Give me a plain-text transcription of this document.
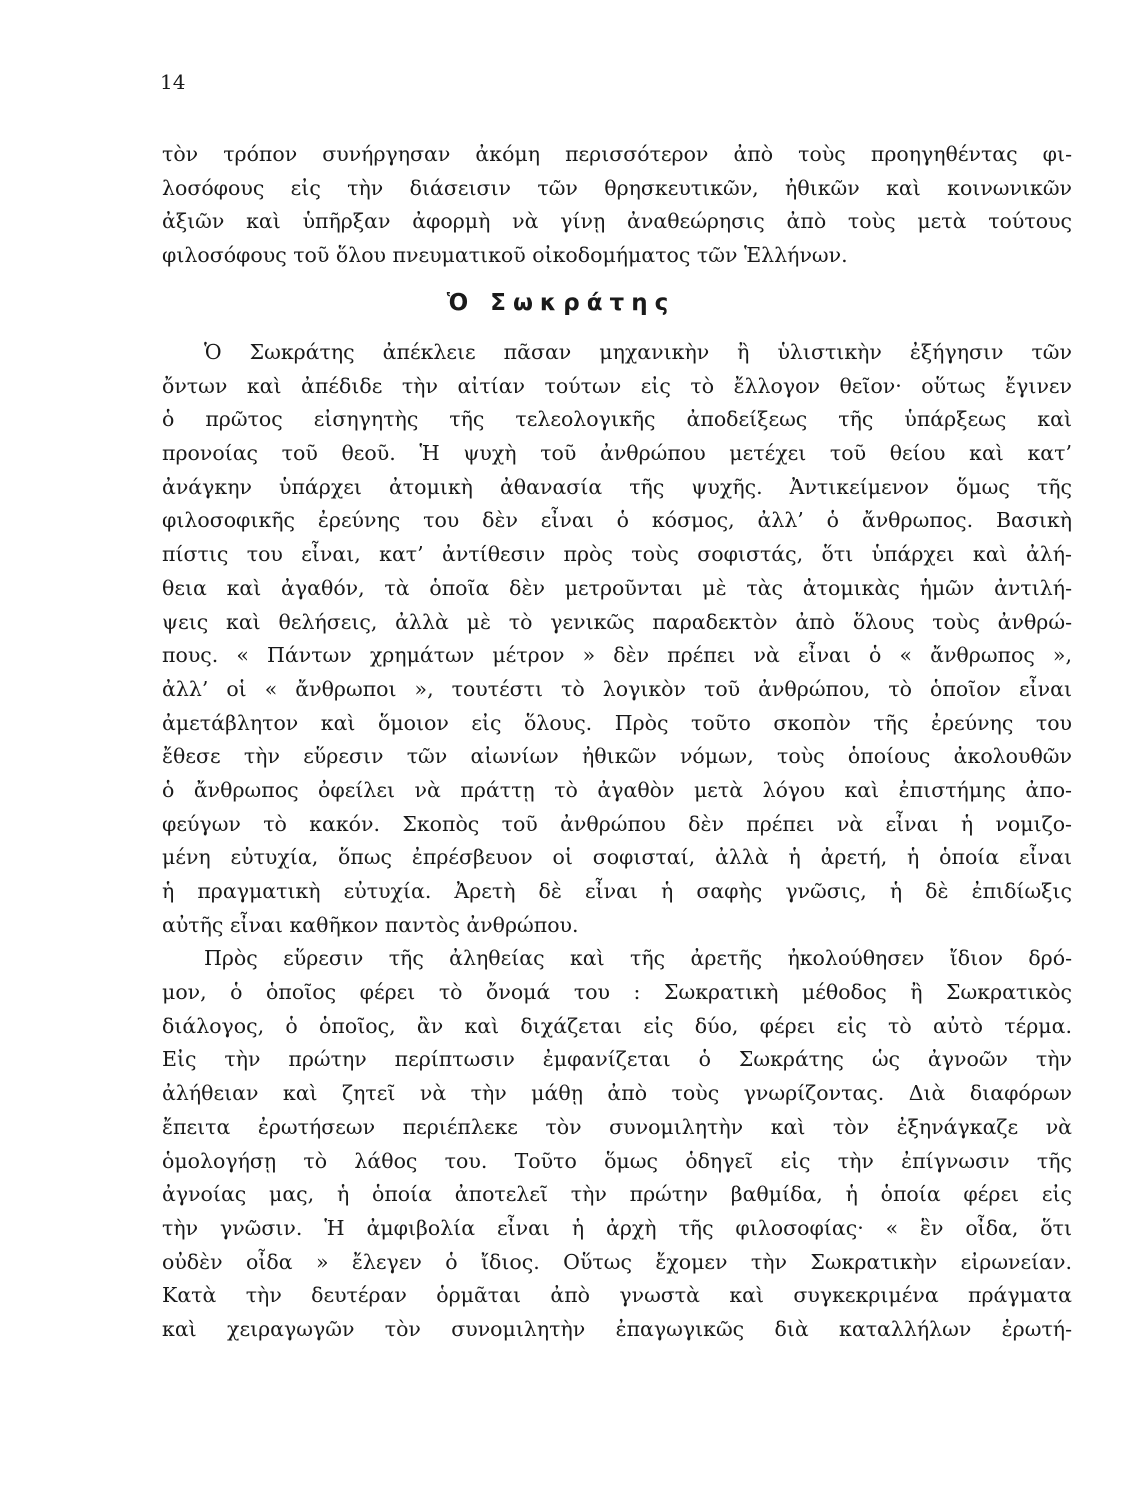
14
τὸν τρόπον συνήργησαν ἀκόμη περισσότερον ἀπὸ τοὺς προηγηθέντας φι-
λοσόφους εἰς τὴν διάσεισιν τῶν θρησκευτικῶν, ἠθικῶν καὶ κοινωνικῶν
ἀξιῶν καὶ ὑπῆρξαν ἀφορμὴ νὰ γίνῃ ἀναθεώρησις ἀπὸ τοὺς μετὰ τούτους
φιλοσόφους τοῦ ὅλου πνευματικοῦ οἰκοδομήματος τῶν Ἑλλήνων.
Ὁ Σωκράτης
Ὁ Σωκράτης ἀπέκλειε πᾶσαν μηχανικὴν ἢ ὑλιστικὴν ἐξήγησιν τῶν
ὄντων καὶ ἀπέδιδε τὴν αἰτίαν τούτων εἰς τὸ ἔλλογον θεῖον· οὕτως ἔγινεν
ὁ πρῶτος εἰσηγητὴς τῆς τελεολογικῆς ἀποδείξεως τῆς ὑπάρξεως καὶ
προνοίας τοῦ θεοῦ. Ἡ ψυχὴ τοῦ ἀνθρώπου μετέχει τοῦ θείου καὶ κατ’
ἀνάγκην ὑπάρχει ἀτομικὴ ἀθανασία τῆς ψυχῆς. Ἀντικείμενον ὅμως τῆς
φιλοσοφικῆς ἐρεύνης του δὲν εἶναι ὁ κόσμος, ἀλλ’ ὁ ἄνθρωπος. Βασικὴ
πίστις του εἶναι, κατ’ ἀντίθεσιν πρὸς τοὺς σοφιστάς, ὅτι ὑπάρχει καὶ ἀλή-
θεια καὶ ἀγαθόν, τὰ ὁποῖα δὲν μετροῦνται μὲ τὰς ἀτομικὰς ἡμῶν ἀντιλή-
ψεις καὶ θελήσεις, ἀλλὰ μὲ τὸ γενικῶς παραδεκτὸν ἀπὸ ὅλους τοὺς ἀνθρώ-
πους. « Πάντων χρημάτων μέτρον » δὲν πρέπει νὰ εἶναι ὁ « ἄνθρωπος »,
ἀλλ’ οἱ « ἄνθρωποι », τουτέστι τὸ λογικὸν τοῦ ἀνθρώπου, τὸ ὁποῖον εἶναι
ἀμετάβλητον καὶ ὅμοιον εἰς ὅλους. Πρὸς τοῦτο σκοπὸν τῆς ἐρεύνης του
ἔθεσε τὴν εὕρεσιν τῶν αἰωνίων ἠθικῶν νόμων, τοὺς ὁποίους ἀκολουθῶν
ὁ ἄνθρωπος ὀφείλει νὰ πράττῃ τὸ ἀγαθὸν μετὰ λόγου καὶ ἐπιστήμης ἀπο-
φεύγων τὸ κακόν. Σκοπὸς τοῦ ἀνθρώπου δὲν πρέπει νὰ εἶναι ἡ νομιζο-
μένη εὐτυχία, ὅπως ἐπρέσβευον οἱ σοφισταί, ἀλλὰ ἡ ἀρετή, ἡ ὁποία εἶναι
ἡ πραγματικὴ εὐτυχία. Ἀρετὴ δὲ εἶναι ἡ σαφὴς γνῶσις, ἡ δὲ ἐπιδίωξις
αὐτῆς εἶναι καθῆκον παντὸς ἀνθρώπου.
Πρὸς εὕρεσιν τῆς ἀληθείας καὶ τῆς ἀρετῆς ἠκολούθησεν ἴδιον δρό-
μον, ὁ ὁποῖος φέρει τὸ ὄνομά του : Σωκρατικὴ μέθοδος ἢ Σωκρατικὸς
διάλογος, ὁ ὁποῖος, ἂν καὶ διχάζεται εἰς δύο, φέρει εἰς τὸ αὐτὸ τέρμα.
Εἰς τὴν πρώτην περίπτωσιν ἐμφανίζεται ὁ Σωκράτης ὡς ἀγνοῶν τὴν
ἀλήθειαν καὶ ζητεῖ νὰ τὴν μάθῃ ἀπὸ τοὺς γνωρίζοντας. Διὰ διαφόρων
ἔπειτα ἐρωτήσεων περιέπλεκε τὸν συνομιλητὴν καὶ τὸν ἐξηνάγκαζε νὰ
ὁμολογήσῃ τὸ λάθος του. Τοῦτο ὅμως ὁδηγεῖ εἰς τὴν ἐπίγνωσιν τῆς
ἀγνοίας μας, ἡ ὁποία ἀποτελεῖ τὴν πρώτην βαθμίδα, ἡ ὁποία φέρει εἰς
τὴν γνῶσιν. Ἡ ἀμφιβολία εἶναι ἡ ἀρχὴ τῆς φιλοσοφίας· « ἓν οἶδα, ὅτι
οὐδὲν οἶδα » ἔλεγεν ὁ ἴδιος. Οὕτως ἔχομεν τὴν Σωκρατικὴν εἰρωνείαν.
Κατὰ τὴν δευτέραν ὁρμᾶται ἀπὸ γνωστὰ καὶ συγκεκριμένα πράγματα
καὶ χειραγωγῶν τὸν συνομιλητὴν ἐπαγωγικῶς διὰ καταλλήλων ἐρωτή-
